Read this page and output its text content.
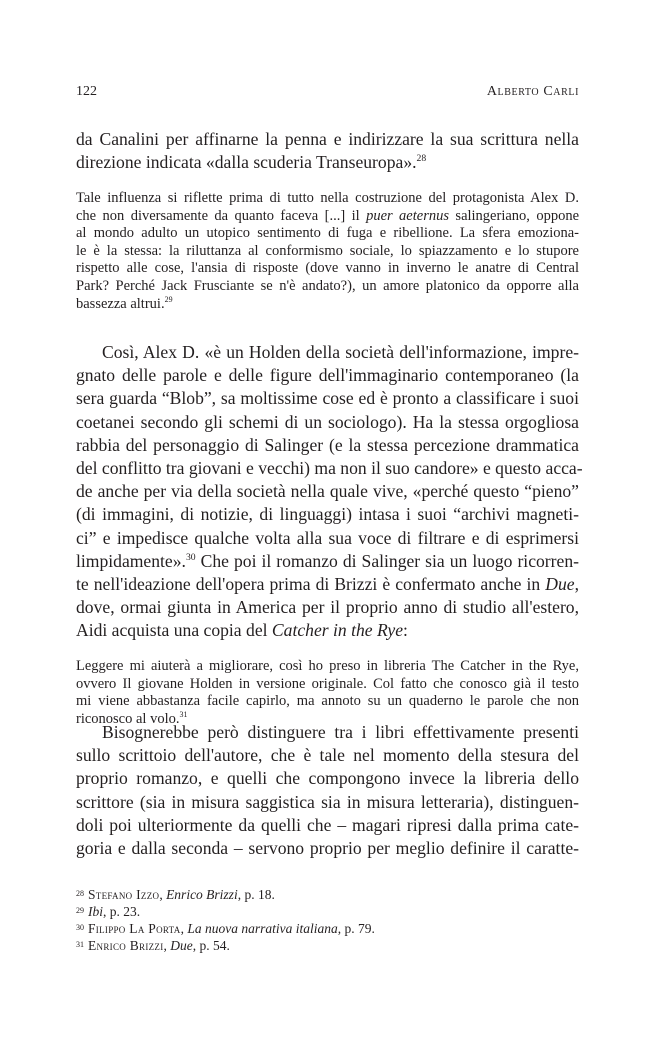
122	Alberto Carli
da Canalini per affinarne la penna e indirizzare la sua scrittura nella
direzione indicata «dalla scuderia Transeuropa».$^{28}$
Tale influenza si riflette prima di tutto nella costruzione del protagonista Alex D.
che non diversamente da quanto faceva [...] il puer aeternus salingeriano, oppone
al mondo adulto un utopico sentimento di fuga e ribellione. La sfera emoziona-
le è la stessa: la riluttanza al conformismo sociale, lo spiazzamento e lo stupore
rispetto alle cose, l'ansia di risposte (dove vanno in inverno le anatre di Central
Park? Perché Jack Frusciante se n'è andato?), un amore platonico da opporre alla
bassezza altrui.$^{29}$
Così, Alex D. «è un Holden della società dell'informazione, impre-
gnato delle parole e delle figure dell'immaginario contemporaneo (la
sera guarda “Blob”, sa moltissime cose ed è pronto a classificare i suoi
coetanei secondo gli schemi di un sociologo). Ha la stessa orgogliosa
rabbia del personaggio di Salinger (e la stessa percezione drammatica
del conflitto tra giovani e vecchi) ma non il suo candore» e questo acca-
de anche per via della società nella quale vive, «perché questo “pieno”
(di immagini, di notizie, di linguaggi) intasa i suoi “archivi magneti-
ci” e impedisce qualche volta alla sua voce di filtrare e di esprimersi
limpidamente».$^{30}$ Che poi il romanzo di Salinger sia un luogo ricorren-
te nell'ideazione dell'opera prima di Brizzi è confermato anche in Due,
dove, ormai giunta in America per il proprio anno di studio all'estero,
Aidi acquista una copia del Catcher in the Rye:
Leggere mi aiuterà a migliorare, così ho preso in libreria The Catcher in the Rye,
ovvero Il giovane Holden in versione originale. Col fatto che conosco già il testo
mi viene abbastanza facile capirlo, ma annoto su un quaderno le parole che non
riconosco al volo.$^{31}$
Bisognerebbe però distinguere tra i libri effettivamente presenti
sullo scrittoio dell'autore, che è tale nel momento della stesura del
proprio romanzo, e quelli che compongono invece la libreria dello
scrittore (sia in misura saggistica sia in misura letteraria), distinguen-
doli poi ulteriormente da quelli che – magari ripresi dalla prima cate-
goria e dalla seconda – servono proprio per meglio definire il caratte-
28 Stefano Izzo, Enrico Brizzi, p. 18.
29 Ibi, p. 23.
30 Filippo La Porta, La nuova narrativa italiana, p. 79.
31 Enrico Brizzi, Due, p. 54.
